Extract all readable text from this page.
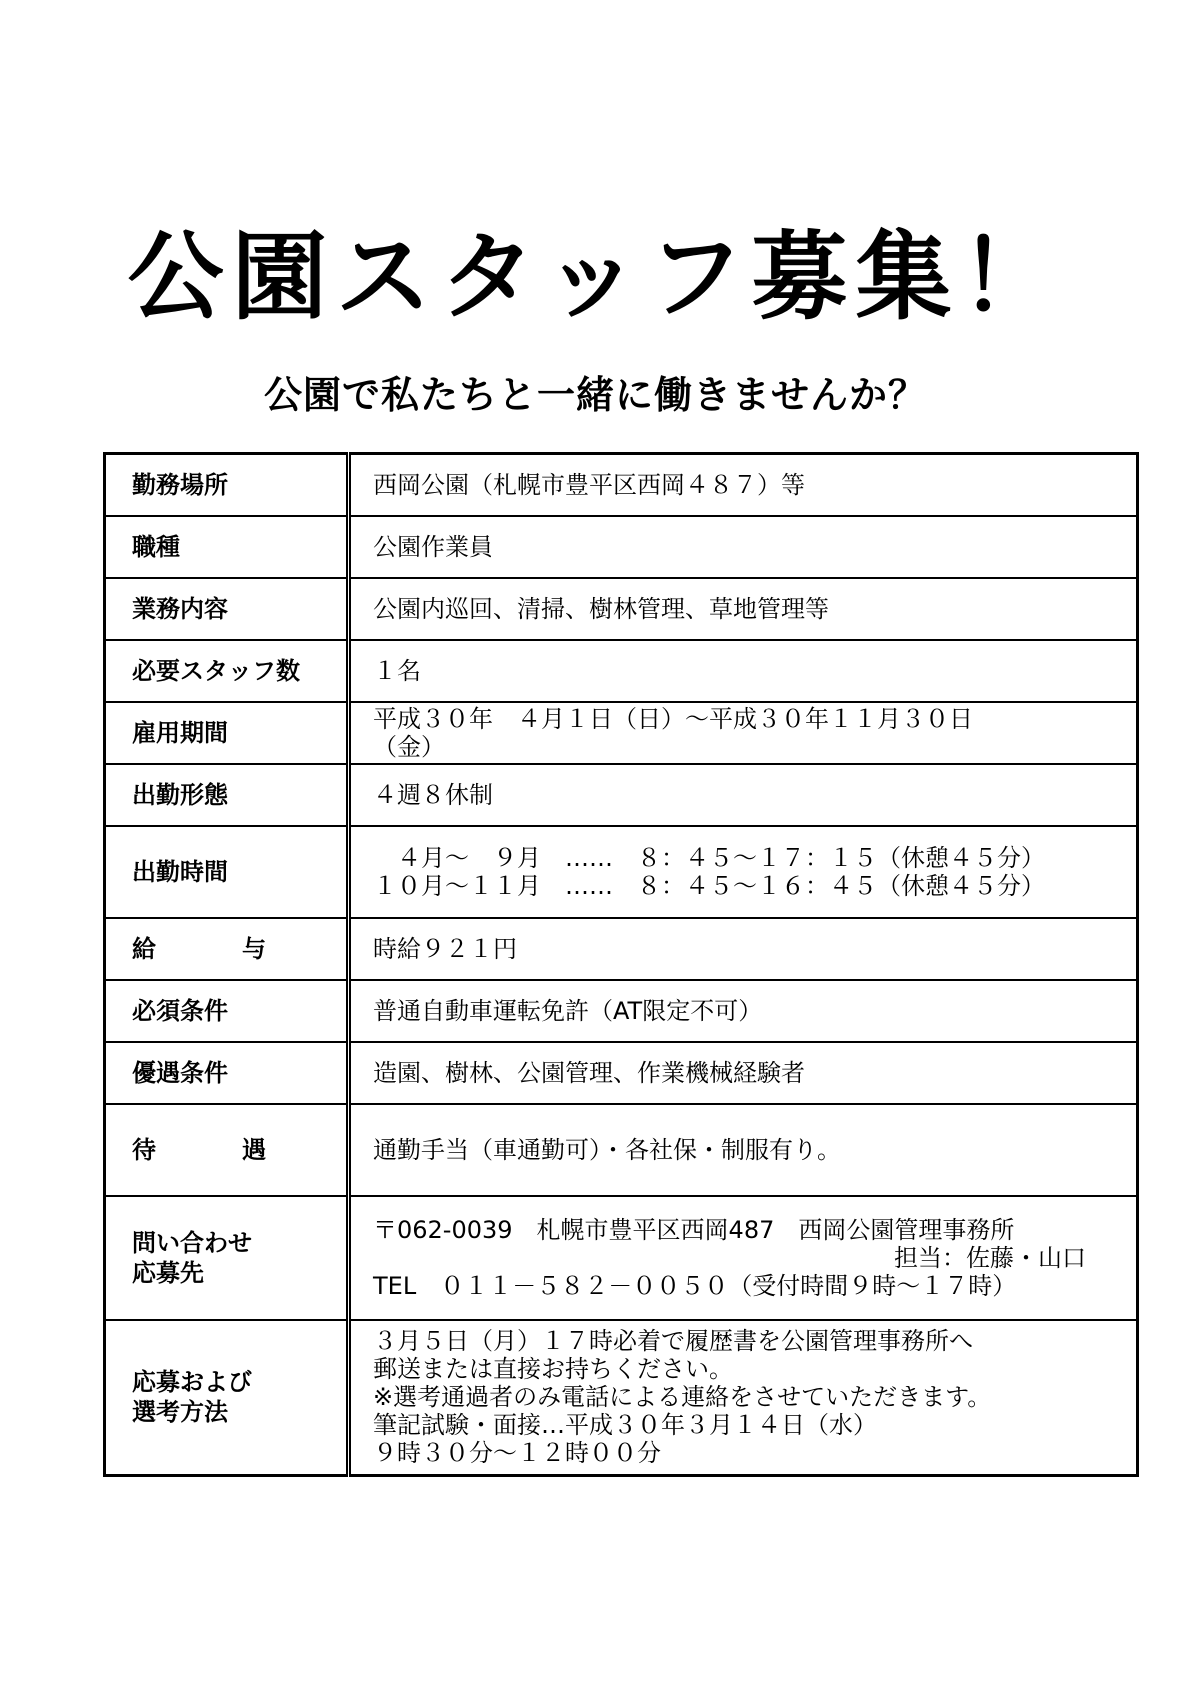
公園スタッフ募集！
公園で私たちと一緒に働きませんか？
勤務場所	西岡公園（札幌市豊平区西岡４８７）等
職種	公園作業員
業務内容	公園内巡回、清掃、樹林管理、草地管理等
必要スタッフ数	１名
雇用期間	平成３０年　４月１日（日）～平成３０年１１月３０日
（金）

出勤形態	４週８休制
出勤時間	　４月～　９月　……　８：４５～１７：１５（休憩４５分）
１０月～１１月　……　８：４５～１６：４５（休憩４５分）

給 与	時給９２１円
必須条件	普通自動車運転免許（AT限定不可）
優遇条件	造園、樹林、公園管理、作業機械経験者

待 遇	通勤手当（車通勤可）・各社保・制服有り。

問い合わせ
応募先	〒062-0039　札幌市豊平区西岡487　西岡公園管理事務所
担当：佐藤・山口
TEL　０１１－５８２－００５０（受付時間９時～１７時）

応募および
選考方法	３月５日（月）１７時必着で履歴書を公園管理事務所へ
郵送または直接お持ちください。
※選考通過者のみ電話による連絡をさせていただきます。
筆記試験・面接…平成３０年３月１４日（水）
９時３０分～１２時００分
